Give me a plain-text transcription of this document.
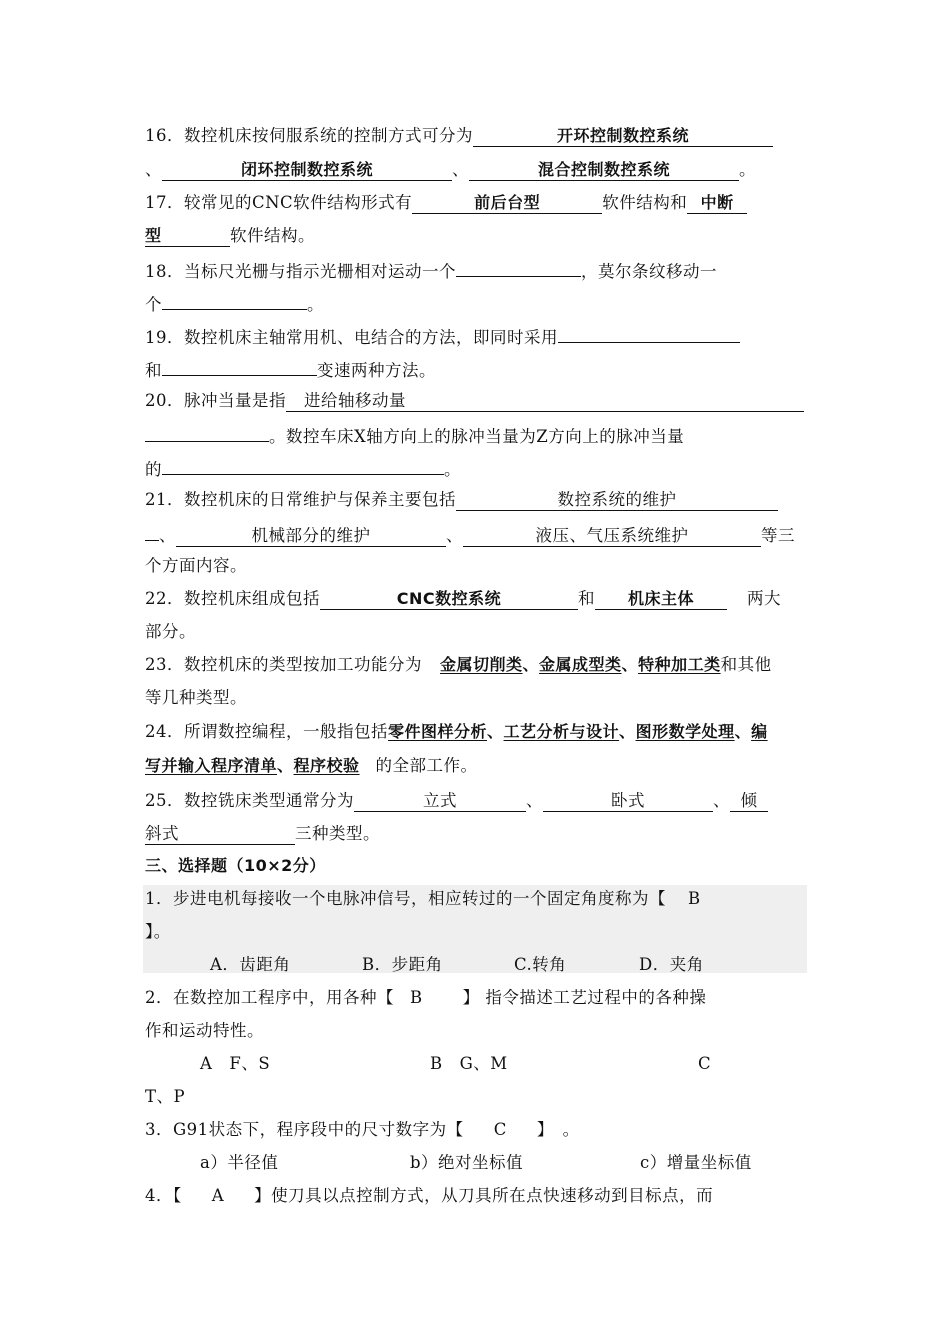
16．数控机床按伺服系统的控制方式可分为	开环控制数控系统
、	闭环控制数控系统	、	混合控制数控系统	。
17．较常见的CNC软件结构形式有	前后台型	软件结构和 中断
型	软件结构。
18．当标尺光栅与指示光栅相对运动一个	，莫尔条纹移动一
个	。
19．数控机床主轴常用机、电结合的方法，即同时采用
和	变速两种方法。
20．脉冲当量是指 进给轴移动量
。数控车床X轴方向上的脉冲当量为Z方向上的脉冲当量
的	。
21．数控机床的日常维护与保养主要包括	数控系统的维护
、	机械部分的维护	、	液压、气压系统维护	等三
个方面内容。
22．数控机床组成包括	CNC数控系统	和 机床主体	两大
部分。
23．数控机床的类型按加工功能分为 金属切削类、金属成型类、特种加工类和其他
等几种类型。
24．所谓数控编程，一般指包括零件图样分析、工艺分析与设计、图形数学处理、编
写并输入程序清单、程序校验 的全部工作。
25．数控铣床类型通常分为	立式	、	卧式	、 倾
斜式	三种类型。
三、选择题（10×2分）
1．步进电机每接收一个电脉冲信号，相应转过的一个固定角度称为【 B
】。
A．齿距角	B．步距角	C.转角	D．夹角
2．在数控加工程序中，用各种【 B 】 指令描述工艺过程中的各种操
作和运动特性。
A　F、S	B　G、M	C
T、P
3．G91状态下，程序段中的尺寸数字为【 C 】　。
a）半径值	b）绝对坐标值	c）增量坐标值
4．【 A 】使刀具以点控制方式，从刀具所在点快速移动到目标点，而
